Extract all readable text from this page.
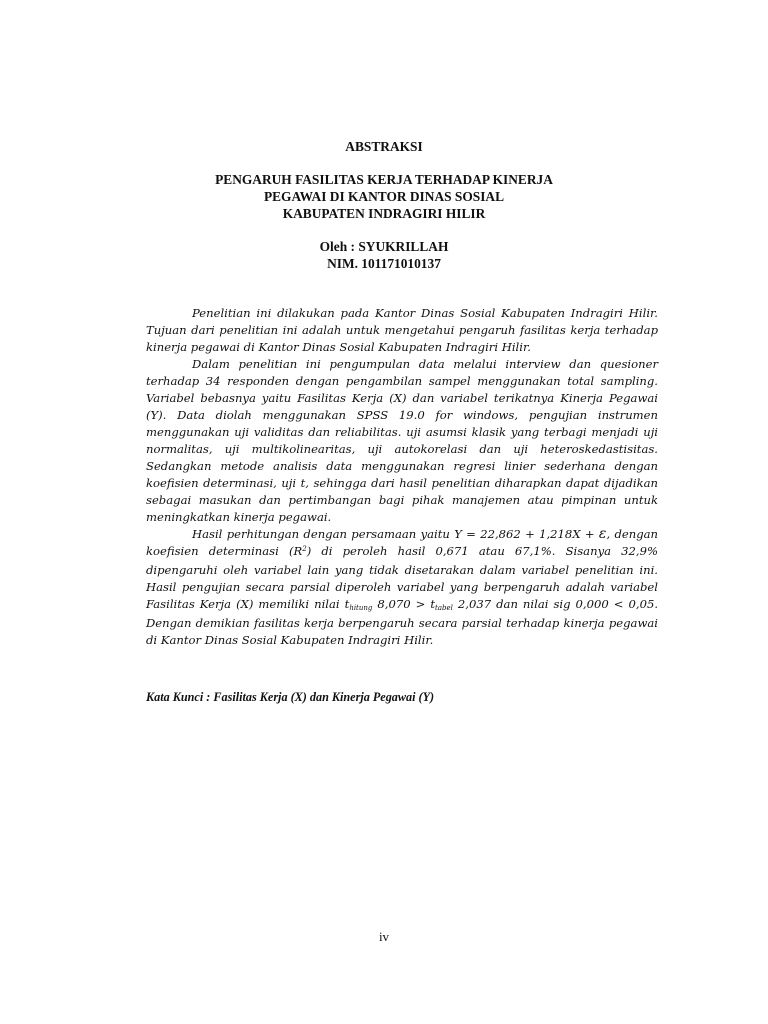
ABSTRAKSI
PENGARUH FASILITAS KERJA TERHADAP KINERJA
PEGAWAI DI KANTOR DINAS SOSIAL
KABUPATEN INDRAGIRI HILIR
Oleh : SYUKRILLAH
NIM. 101171010137

Penelitian ini dilakukan pada Kantor Dinas Sosial Kabupaten Indragiri Hilir. Tujuan dari penelitian ini adalah untuk mengetahui pengaruh fasilitas kerja terhadap kinerja pegawai di Kantor Dinas Sosial Kabupaten Indragiri Hilir.

Dalam penelitian ini pengumpulan data melalui interview dan quesioner terhadap 34 responden dengan pengambilan sampel menggunakan total sampling. Variabel bebasnya yaitu Fasilitas Kerja (X) dan variabel terikatnya Kinerja Pegawai (Y). Data diolah menggunakan SPSS 19.0 for windows, pengujian instrumen menggunakan uji validitas dan reliabilitas. uji asumsi klasik yang terbagi menjadi uji normalitas, uji multikolinearitas, uji autokorelasi dan uji heteroskedastisitas. Sedangkan metode analisis data menggunakan regresi linier sederhana dengan koefisien determinasi, uji t, sehingga dari hasil penelitian diharapkan dapat dijadikan sebagai masukan dan pertimbangan bagi pihak manajemen atau pimpinan untuk meningkatkan kinerja pegawai.

Hasil perhitungan dengan persamaan yaitu Y = 22,862 + 1,218X + ε, dengan koefisien determinasi $(R^2)$ di peroleh hasil 0,671 atau 67,1%. Sisanya 32,9% dipengaruhi oleh variabel lain yang tidak disetarakan dalam variabel penelitian ini. Hasil pengujian secara parsial diperoleh variabel yang berpengaruh adalah variabel Fasilitas Kerja (X) memiliki nilai $t_{hitung}$ $8,070 > t_{tabel}$ 2,037 dan nilai sig 0,000 < 0,05. Dengan demikian fasilitas kerja berpengaruh secara parsial terhadap kinerja pegawai di Kantor Dinas Sosial Kabupaten Indragiri Hilir.

Kata Kunci : Fasilitas Kerja (X) dan Kinerja Pegawai (Y)
iv
